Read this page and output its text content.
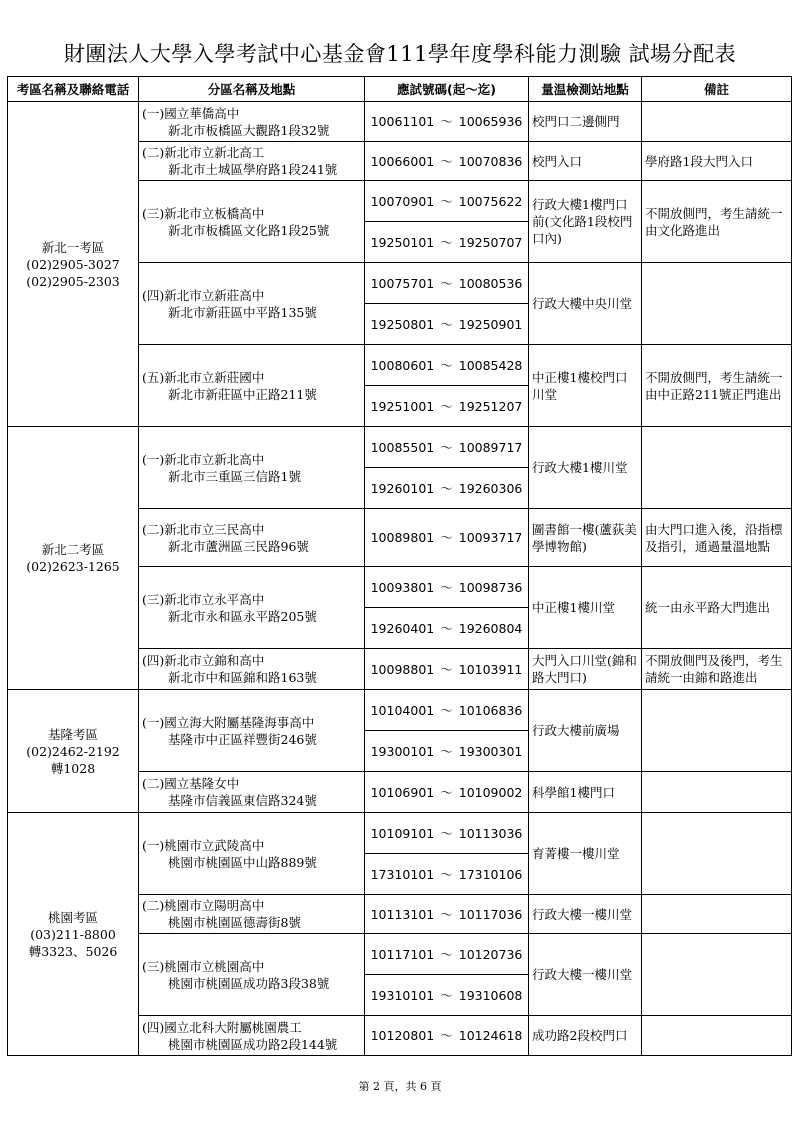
財團法人大學入學考試中心基金會111學年度學科能力測驗 試場分配表
考區名稱及聯絡電話	分區名稱及地點	應試號碼(起～迄)	量温檢測站地點	備註

新北一考區
(02)2905-3027
(02)2905-2303	(一)國立華僑高中
新北市板橋區大觀路1段32號	10061101 ～ 10065936	校門口二邊側門	

	(二)新北市立新北高工
新北市土城區學府路1段241號	10066001 ～ 10070836	校門入口	學府路1段大門入口

	(三)新北市立板橋高中
新北市板橋區文化路1段25號	10070901 ～ 10075622	行政大樓1樓門口前(文化路1段校門口內)	不開放側門，考生請統一由文化路進出
		19250101 ～ 19250707		

	(四)新北市立新莊高中
新北市新莊區中平路135號	10075701 ～ 10080536	行政大樓中央川堂	
		19250801 ～ 19250901		

	(五)新北市立新莊國中
新北市新莊區中正路211號	10080601 ～ 10085428	中正樓1樓校門口川堂	不開放側門，考生請統一由中正路211號正門進出
		19251001 ～ 19251207		

新北二考區
(02)2623-1265	(一)新北市立新北高中
新北市三重區三信路1號	10085501 ～ 10089717	行政大樓1樓川堂	
		19260101 ～ 19260306		

	(二)新北市立三民高中
新北市蘆洲區三民路96號	10089801 ～ 10093717	圖書館一樓(蘆荻美學博物館)	由大門口進入後，沿指標及指引，通過量溫地點

	(三)新北市立永平高中
新北市永和區永平路205號	10093801 ～ 10098736	中正樓1樓川堂	統一由永平路大門進出
		19260401 ～ 19260804		

	(四)新北市立錦和高中
新北市中和區錦和路163號	10098801 ～ 10103911	大門入口川堂(錦和路大門口)	不開放側門及後門，考生請統一由錦和路進出

基隆考區
(02)2462-2192
轉1028	(一)國立海大附屬基隆海事高中
基隆市中正區祥豐街246號	10104001 ～ 10106836	行政大樓前廣場	
		19300101 ～ 19300301		

	(二)國立基隆女中
基隆市信義區東信路324號	10106901 ～ 10109002	科學館1樓門口	

桃園考區
(03)211-8800
轉3323、5026	(一)桃園市立武陵高中
桃園市桃園區中山路889號	10109101 ～ 10113036	育菁樓一樓川堂	
		17310101 ～ 17310106		

	(二)桃園市立陽明高中
桃園市桃園區德壽街8號	10113101 ～ 10117036	行政大樓一樓川堂	

	(三)桃園市立桃園高中
桃園市桃園區成功路3段38號	10117101 ～ 10120736	行政大樓一樓川堂	
		19310101 ～ 19310608		

	(四)國立北科大附屬桃園農工
桃園市桃園區成功路2段144號	10120801 ～ 10124618	成功路2段校門口	
第 2 頁，共 6 頁
